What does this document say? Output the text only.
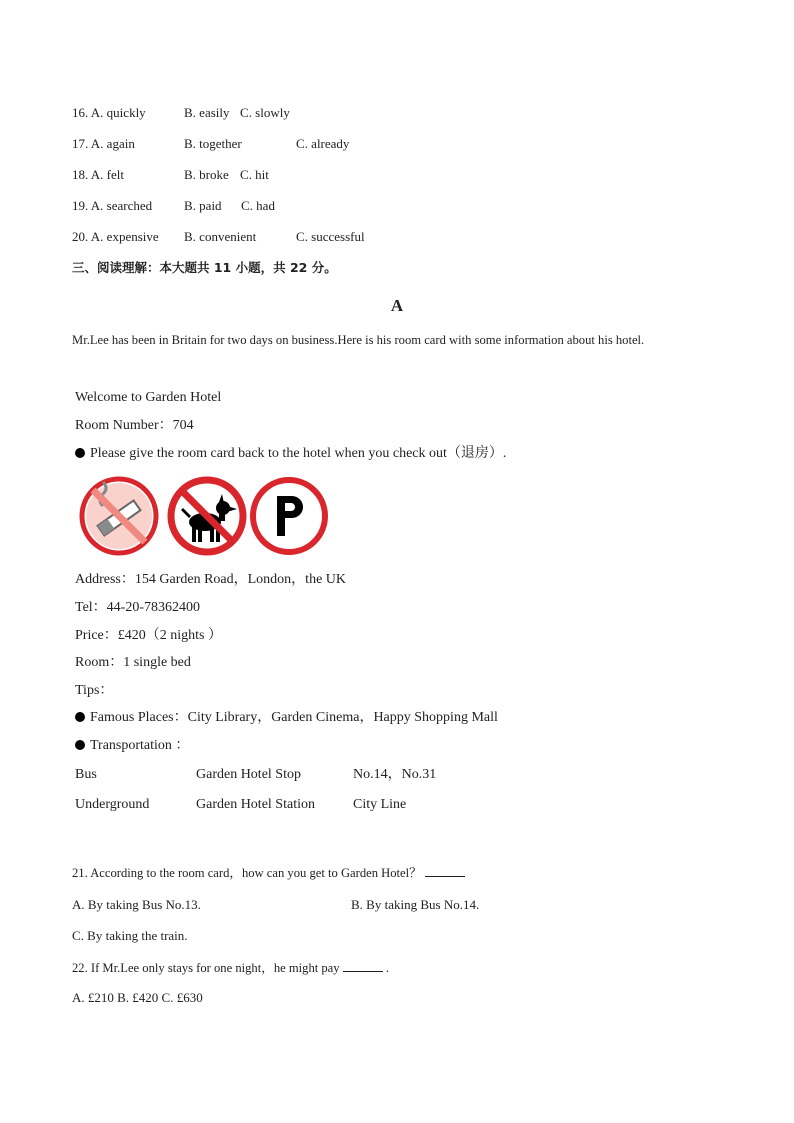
16. A. quickly	B. easily C. slowly
17. A. again	B. together	C. already
18. A. felt	B. broke C. hit
19. A. searched B. paid C. had
20. A. expensive B. convenient	C. successful
三、阅读理解：本大题共 11 小题，共 22 分。
A
Mr.Lee has been in Britain for two days on business.Here is his room card with some information about his hotel.
Welcome to Garden Hotel
Room Number：704
Please give the room card back to the hotel when you check out（退房）.
Address：154 Garden Road，London，the UK
Tel：44-20-78362400
Price：£420（2 nights ）
Room：1 single bed
Tips：
Famous Places：City Library，Garden Cinema，Happy Shopping Mall
Transportation ：
Bus	Garden Hotel Stop	No.14，No.31
Underground	Garden Hotel Station	City Line
21. According to the room card，how can you get to Garden Hotel？
A. By taking Bus No.13.	B. By taking Bus No.14.
C. By taking the train.
22. If Mr.Lee only stays for one night，he might pay	.
A. £210 B. £420 C. £630
